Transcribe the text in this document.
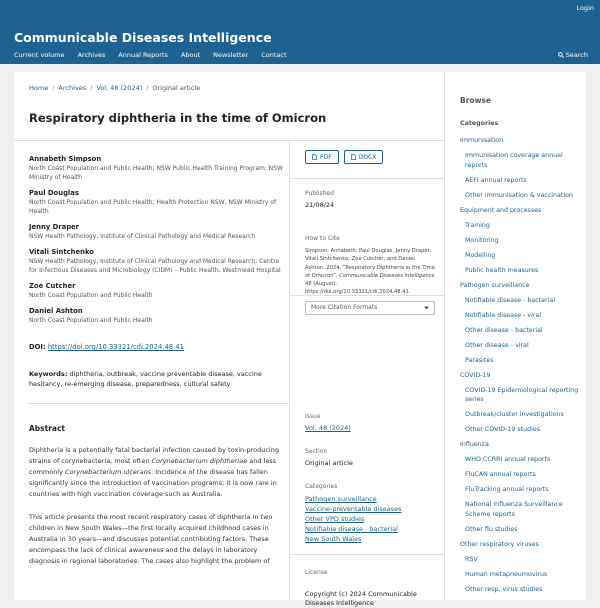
Login
Communicable Diseases Intelligence
Current volume Archives Annual Reports About Newsletter Contact	Search
Home / Archives / Vol. 48 (2024) / Original article
Respiratory diphtheria in the time of Omicron
Annabeth Simpson
North Coast Population and Public Health; NSW Public Health Training Program, NSW Ministry of Health
Paul Douglas
North Coast Population and Public Health; Health Protection NSW, NSW Ministry of Health
Jenny Draper
NSW Health Pathology, Institute of Clinical Pathology and Medical Research
Vitali Sintchenko
NSW Health Pathology, Institute of Clinical Pathology and Medical Research; Centre for Infectious Diseases and Microbiology (CIDM) – Public Health, Westmead Hospital
Zoe Cutcher
North Coast Population and Public Health
Daniel Ashton
North Coast Population and Public Health
DOI: https://doi.org/10.33321/cdi.2024.48.41
Keywords: diphtheria, outbreak, vaccine preventable disease, vaccine hesitancy, re-emerging disease, preparedness, cultural safety
Abstract
Diphtheria is a potentially fatal bacterial infection caused by toxin-producing strains of corynebacteria, most often Corynebacterium diphtheriae and less commonly Corynebacterium ulcerans. Incidence of the disease has fallen significantly since the introduction of vaccination programs; it is now rare in countries with high vaccination coverage such as Australia.
This article presents the most recent respiratory cases of diphtheria in two children in New South Wales—the first locally acquired childhood cases in Australia in 30 years—and discusses potential contributing factors. These encompass the lack of clinical awareness and the delays in laboratory diagnosis in regional laboratories. The cases also highlight the problem of
PDF	DOCX
Published
21/08/24
How to Cite
Simpson, Annabeth, Paul Douglas, Jenny Draper, Vitali Sintchenko, Zoe Cutcher, and Daniel Ashton. 2024. “Respiratory Diphtheria in the Time of Omicron”. Communicable Diseases Intelligence 48 (August). https://doi.org/10.33321/cdi.2024.48.41.
More Citation Formats
Issue
Vol. 48 (2024)
Section
Original article
Categories
Pathogen surveillance
Vaccine-preventable diseases
Other VPD studies
Notifiable disease - bacterial
New South Wales
License
Copyright (c) 2024 Communicable Diseases Intelligence
Browse
Categories
Immunisation
Immunisation coverage annual reports
AEFI annual reports
Other immunisation & vaccination
Equipment and processes
Training
Monitoring
Modelling
Public health measures
Pathogen surveillance
Notifiable disease - bacterial
Notifiable disease - viral
Other disease - bacterial
Other disease - viral
Parasites
COVID-19
COVID-19 Epidemiological reporting series
Outbreak/cluster investigations
Other COVID-19 studies
Influenza
WHO CCRRI annual reports
FluCAN annual reports
FluTracking annual reports
National Influenza Surveillance Scheme reports
Other flu studies
Other respiratory viruses
RSV
Human metapneumovirus
Other resp. virus studies
